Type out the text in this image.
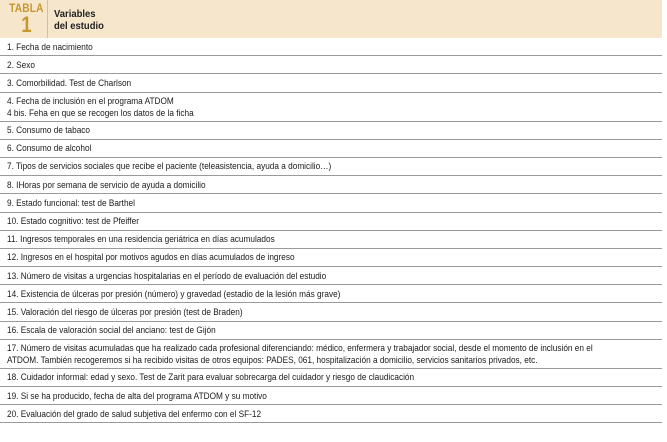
TABLA
1	Variables
del estudio
1. Fecha de nacimiento
2. Sexo
3. Comorbilidad. Test de Charlson
4. Fecha de inclusión en el programa ATDOM
4 bis. Feha en que se recogen los datos de la ficha
5. Consumo de tabaco
6. Consumo de alcohol
7. Tipos de servicios sociales que recibe el paciente (teleasistencia, ayuda a domicilio…)
8. IHoras por semana de servicio de ayuda a domicilio
9. Estado funcional: test de Barthel
10. Estado cognitivo: test de Pfeiffer
11. Ingresos temporales en una residencia geriátrica en días acumulados
12. Ingresos en el hospital por motivos agudos en días acumulados de ingreso
13. Número de visitas a urgencias hospitalarias en el período de evaluación del estudio
14. Existencia de úlceras por presión (número) y gravedad (estadio de la lesión más grave)
15. Valoración del riesgo de úlceras por presión (test de Braden)
16. Escala de valoración social del anciano: test de Gijón
17. Número de visitas acumuladas que ha realizado cada profesional diferenciando: médico, enfermera y trabajador social, desde el momento de inclusión en el
ATDOM. También recogeremos si ha recibido visitas de otros equipos: PADES, 061, hospitalización a domicilio, servicios sanitarios privados, etc.
18. Cuidador informal: edad y sexo. Test de Zarit para evaluar sobrecarga del cuidador y riesgo de claudicación
19. Si se ha producido, fecha de alta del programa ATDOM y su motivo
20. Evaluación del grado de salud subjetiva del enfermo con el SF-12
